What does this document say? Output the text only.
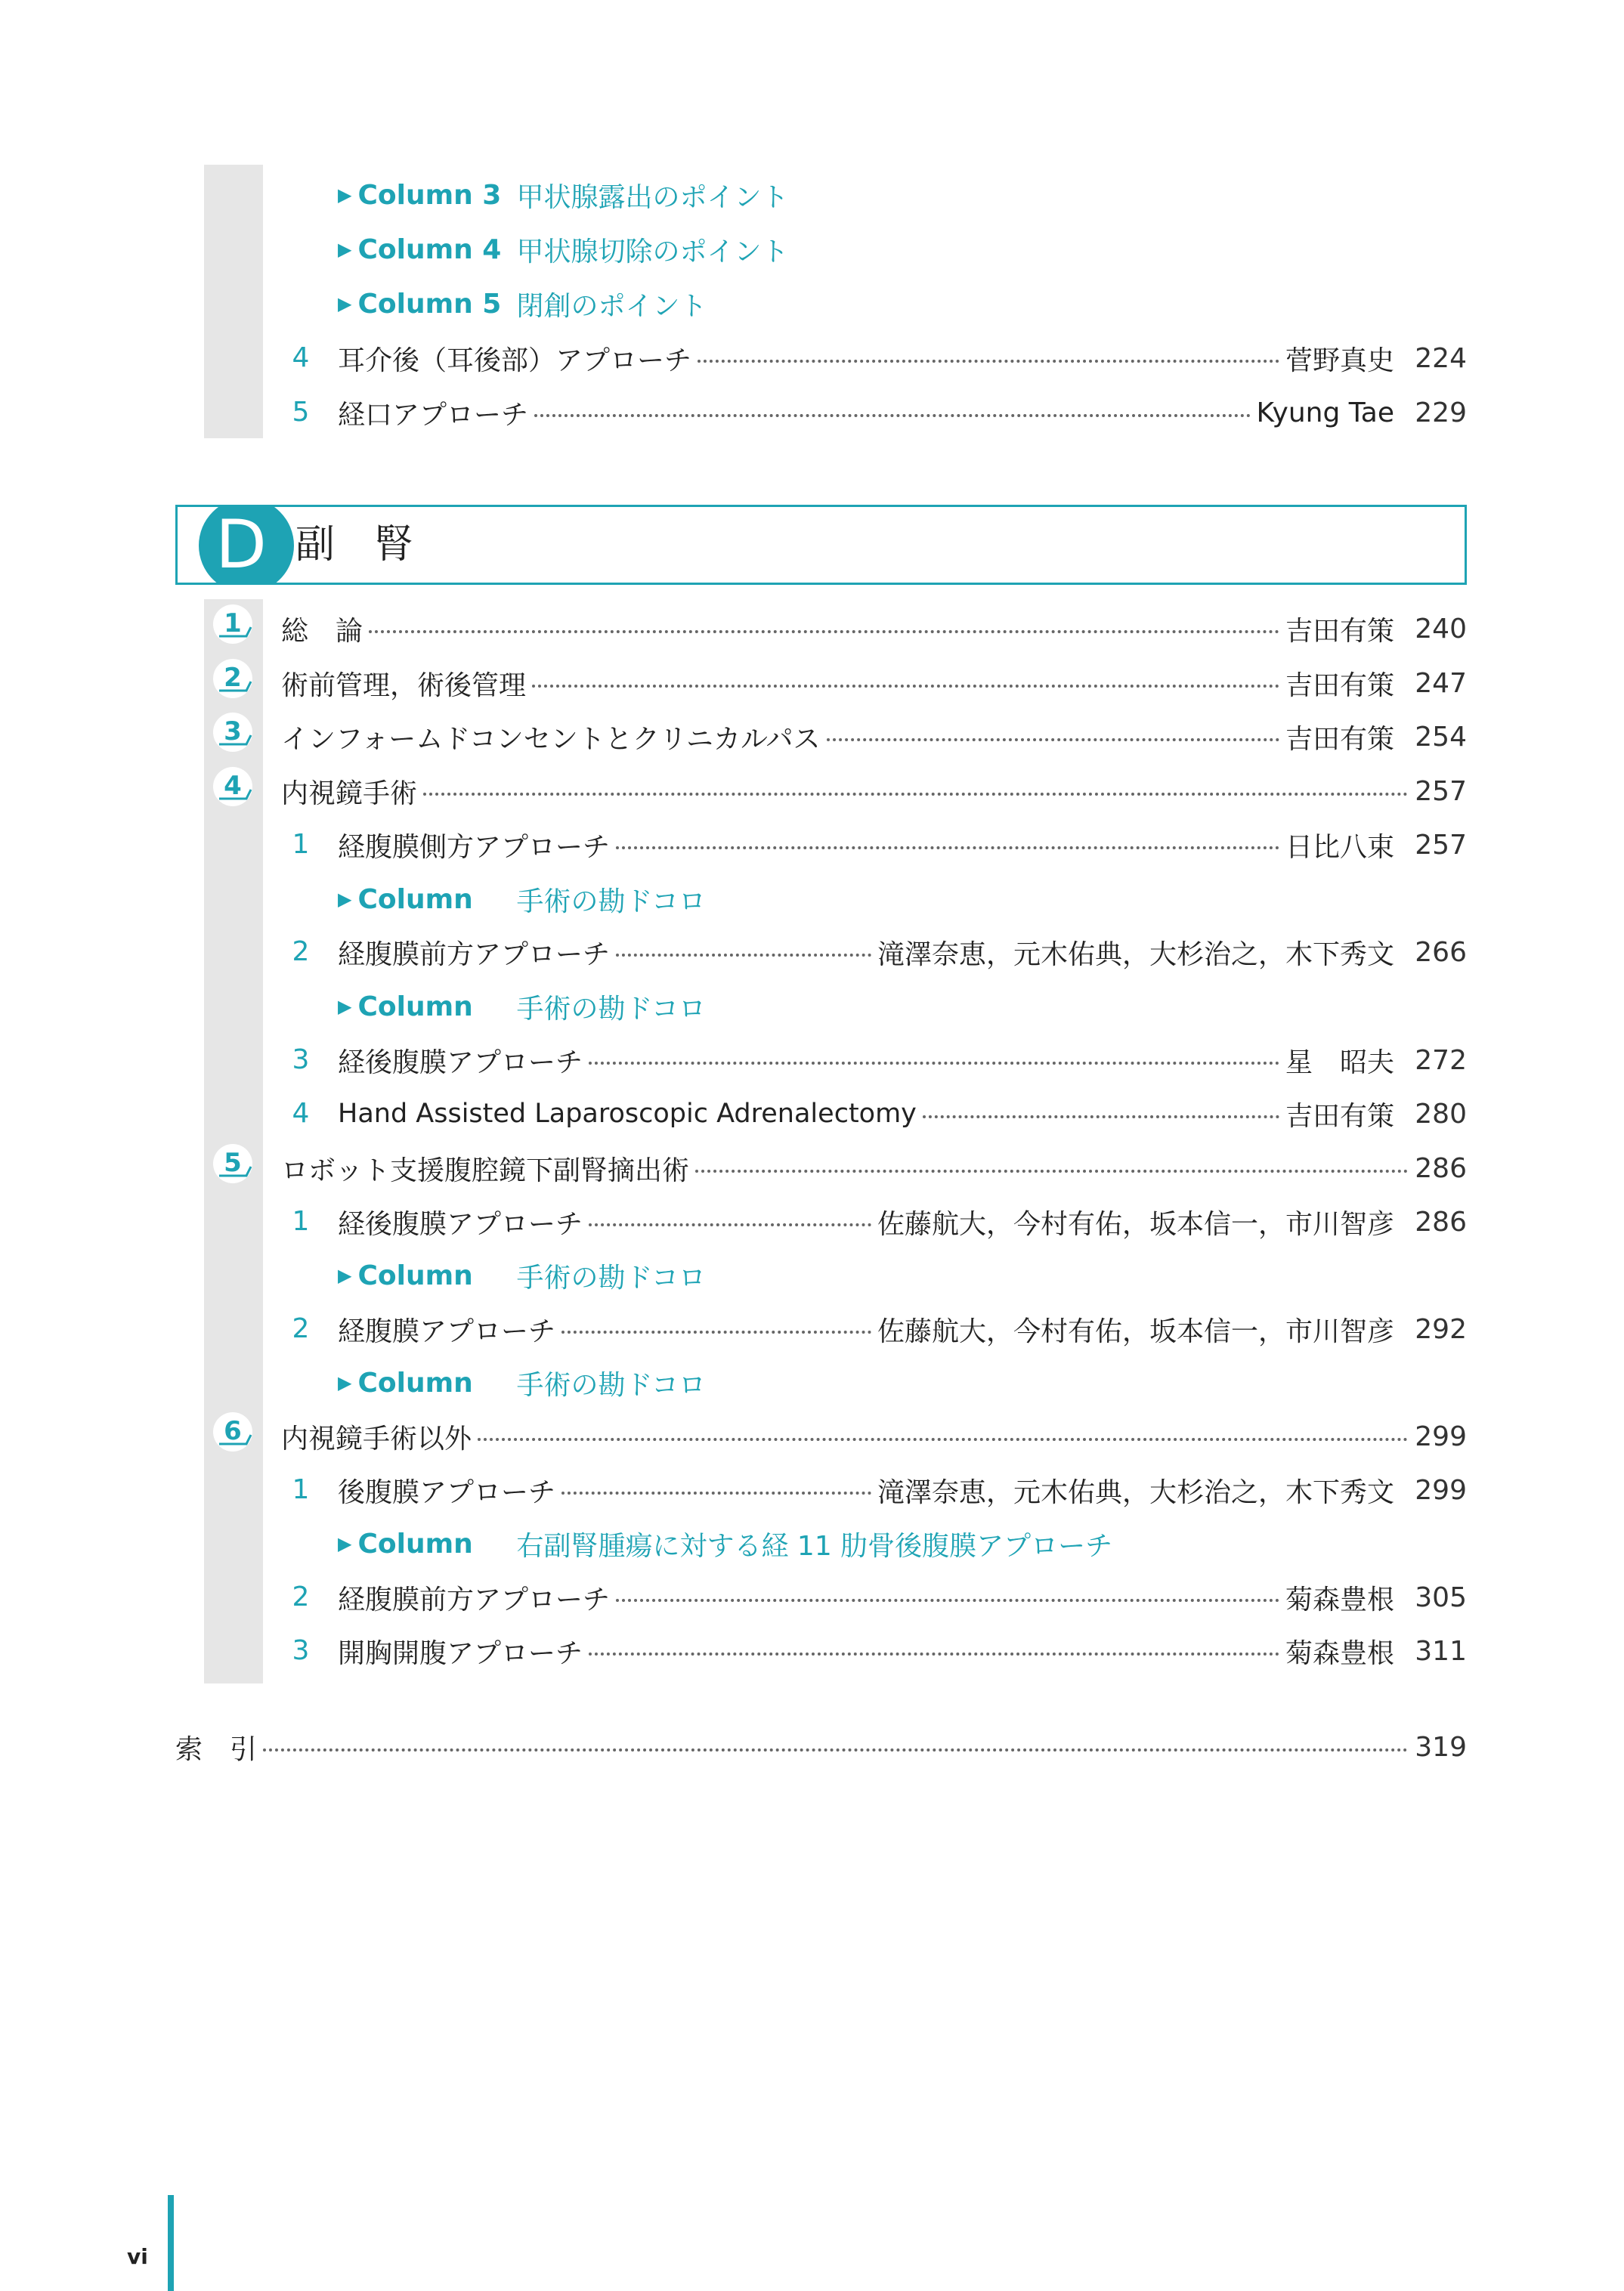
▶ Column 3 甲状腺露出のポイント
▶ Column 4 甲状腺切除のポイント
▶ Column 5 閉創のポイント
4 耳介後（耳後部）アプローチ	菅野真史 224
5 経口アプローチ	Kyung Tae 229
D 副　腎
1	総　論	吉田有策 240
2	術前管理，術後管理	吉田有策 247
3	インフォームドコンセントとクリニカルパス	吉田有策 254
4	内視鏡手術	257
1 経腹膜側方アプローチ	日比八束 257
▶ Column	手術の勘ドコロ
2 経腹膜前方アプローチ	滝澤奈恵，元木佑典，大杉治之，木下秀文 266
▶ Column	手術の勘ドコロ
3 経後腹膜アプローチ	星　昭夫 272
4 Hand Assisted Laparoscopic Adrenalectomy	吉田有策 280
5	ロボット支援腹腔鏡下副腎摘出術	286
1 経後腹膜アプローチ	佐藤航大，今村有佑，坂本信一，市川智彦 286
▶ Column	手術の勘ドコロ
2 経腹膜アプローチ	佐藤航大，今村有佑，坂本信一，市川智彦 292
▶ Column	手術の勘ドコロ
6	内視鏡手術以外	299
1 後腹膜アプローチ	滝澤奈恵，元木佑典，大杉治之，木下秀文 299
▶ Column	右副腎腫瘍に対する経 11 肋骨後腹膜アプローチ
2 経腹膜前方アプローチ	菊森豊根 305
3 開胸開腹アプローチ	菊森豊根 311
索　引	319
vi
